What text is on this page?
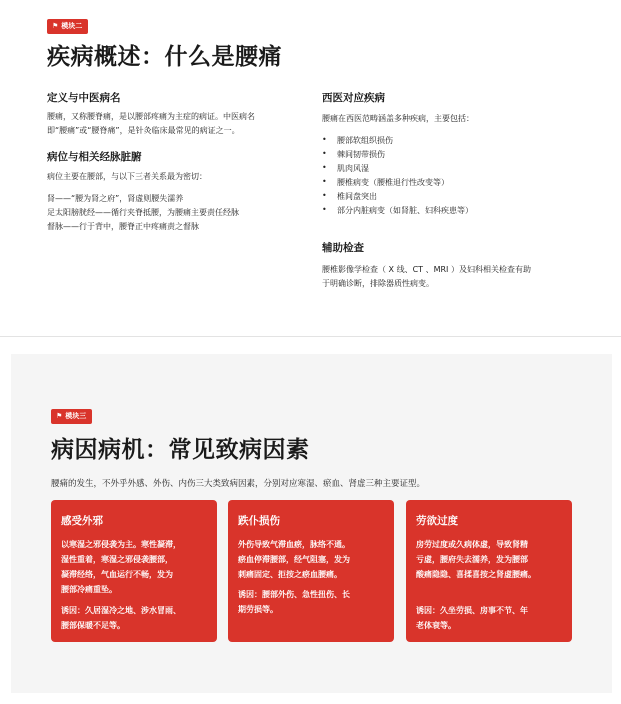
⚑ 模块二
疾病概述：什么是腰痛
定义与中医病名
腰痛，又称腰脊痛，是以腰部疼痛为主症的病证。中医病名
即“腰痛”或“腰脊痛”，是针灸临床最常见的病证之一。
病位与相关经脉脏腑
病位主要在腰部，与以下三者关系最为密切：
肾——“腰为肾之府”，肾虚则腰失濡养
足太阳膀胱经——循行夹脊抵腰，为腰痛主要责任经脉
督脉——行于背中，腰脊正中疼痛责之督脉
西医对应疾病
腰痛在西医范畴涵盖多种疾病，主要包括：
• 腰部软组织损伤
• 棘间韧带损伤
• 肌肉风湿
• 腰椎病变（腰椎退行性改变等）
• 椎间盘突出
• 部分内脏病变（如肾脏、妇科疾患等）
辅助检查
腰椎影像学检查（ X 线、CT 、MRI ）及妇科相关检查有助
于明确诊断，排除器质性病变。
⚑ 模块三
病因病机：常见致病因素
腰痛的发生，不外乎外感、外伤、内伤三大类致病因素，分别对应寒湿、瘀血、肾虚三种主要证型。
感受外邪
以寒湿之邪侵袭为主。寒性凝滞，
湿性重着，寒湿之邪侵袭腰部，
凝滞经络，气血运行不畅，发为
腰部冷痛重坠。
诱因：久居湿冷之地、涉水冒雨、
腰部保暖不足等。
跌仆损伤
外伤导致气滞血瘀，脉络不通。
瘀血停滞腰部，经气阻塞，发为
刺痛固定、拒按之瘀血腰痛。
诱因：腰部外伤、急性扭伤、长
期劳损等。
劳欲过度
房劳过度或久病体虚，导致肾精
亏虚，腰府失去濡养，发为腰部
酸痛隐隐、喜揉喜按之肾虚腰痛。
诱因：久坐劳损、房事不节、年
老体衰等。
